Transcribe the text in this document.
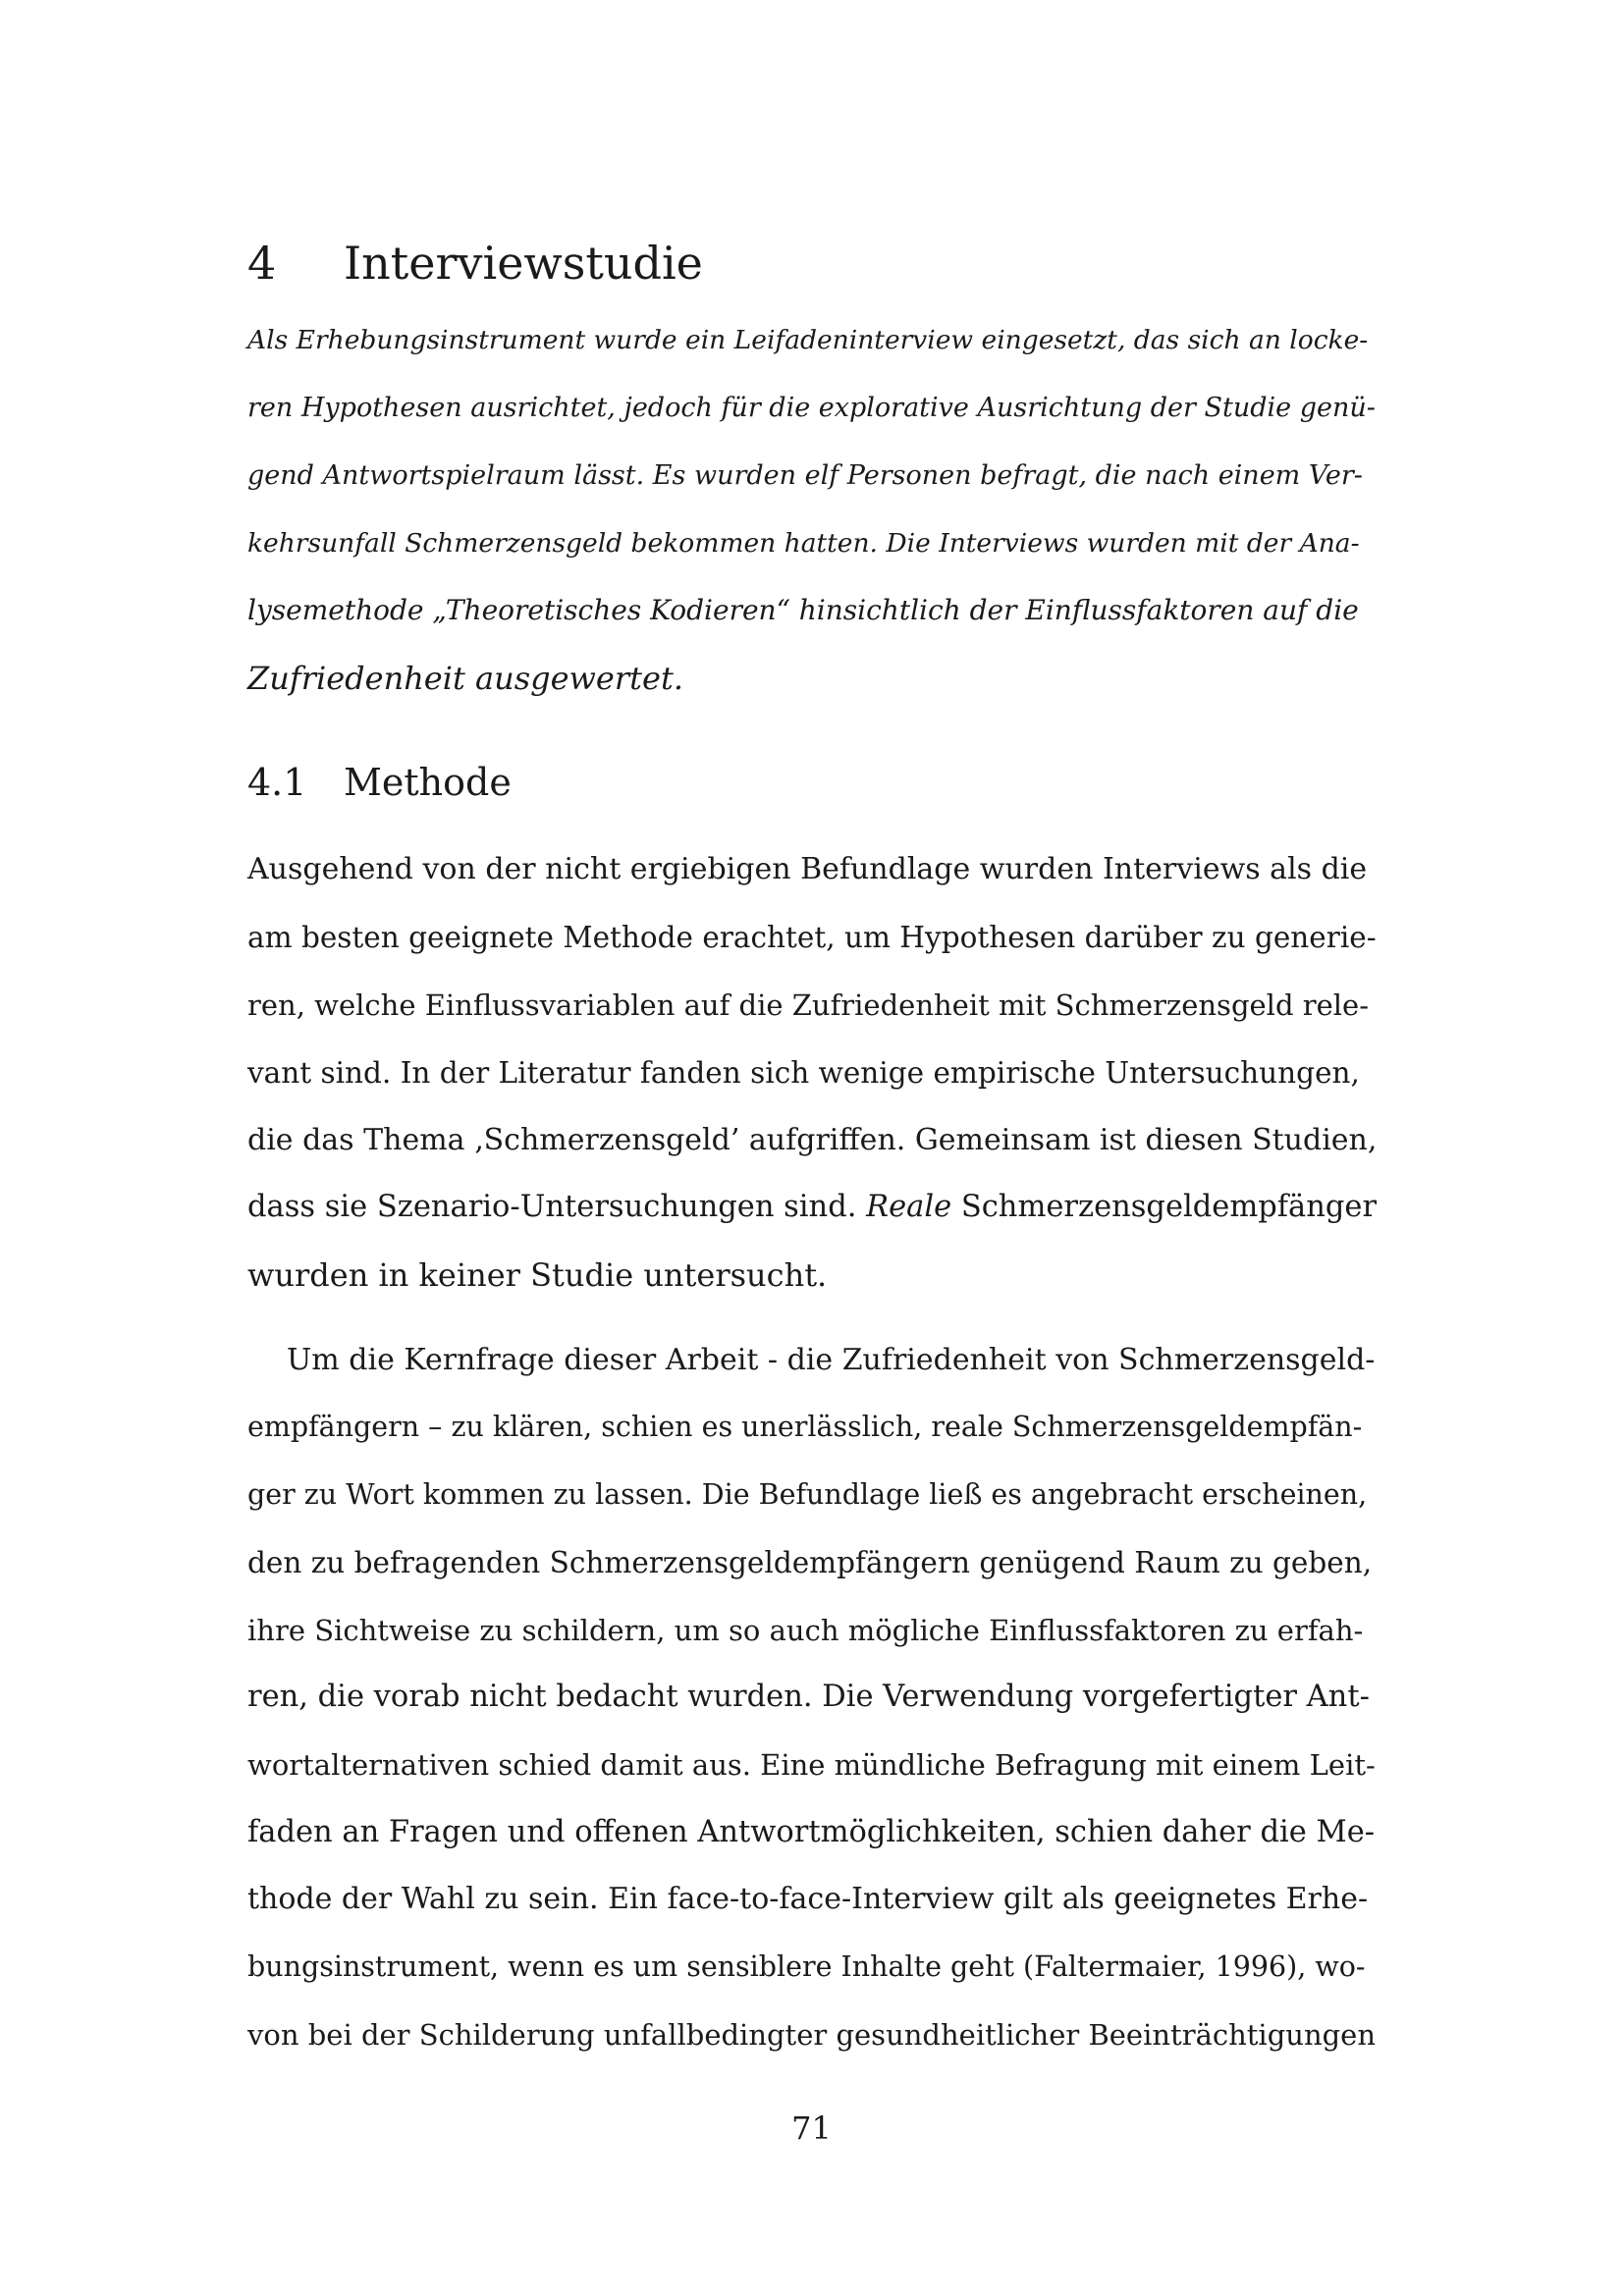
4 Interviewstudie
Als Erhebungsinstrument wurde ein Leifadeninterview eingesetzt, das sich an locke-
ren Hypothesen ausrichtet, jedoch für die explorative Ausrichtung der Studie genü-
gend Antwortspielraum lässt. Es wurden elf Personen befragt, die nach einem Ver-
kehrsunfall Schmerzensgeld bekommen hatten. Die Interviews wurden mit der Ana-
lysemethode „Theoretisches Kodieren“ hinsichtlich der Einflussfaktoren auf die
Zufriedenheit ausgewertet.
4.1 Methode
Ausgehend von der nicht ergiebigen Befundlage wurden Interviews als die
am besten geeignete Methode erachtet, um Hypothesen darüber zu generie-
ren, welche Einflussvariablen auf die Zufriedenheit mit Schmerzensgeld rele-
vant sind. In der Literatur fanden sich wenige empirische Untersuchungen,
die das Thema ‚Schmerzensgeld’ aufgriffen. Gemeinsam ist diesen Studien,
dass sie Szenario-Untersuchungen sind. Reale Schmerzensgeldempfänger
wurden in keiner Studie untersucht.
Um die Kernfrage dieser Arbeit - die Zufriedenheit von Schmerzensgeld-
empfängern – zu klären, schien es unerlässlich, reale Schmerzensgeldempfän-
ger zu Wort kommen zu lassen. Die Befundlage ließ es angebracht erscheinen,
den zu befragenden Schmerzensgeldempfängern genügend Raum zu geben,
ihre Sichtweise zu schildern, um so auch mögliche Einflussfaktoren zu erfah-
ren, die vorab nicht bedacht wurden. Die Verwendung vorgefertigter Ant-
wortalternativen schied damit aus. Eine mündliche Befragung mit einem Leit-
faden an Fragen und offenen Antwortmöglichkeiten, schien daher die Me-
thode der Wahl zu sein. Ein face-to-face-Interview gilt als geeignetes Erhe-
bungsinstrument, wenn es um sensiblere Inhalte geht (Faltermaier, 1996), wo-
von bei der Schilderung unfallbedingter gesundheitlicher Beeinträchtigungen
71
